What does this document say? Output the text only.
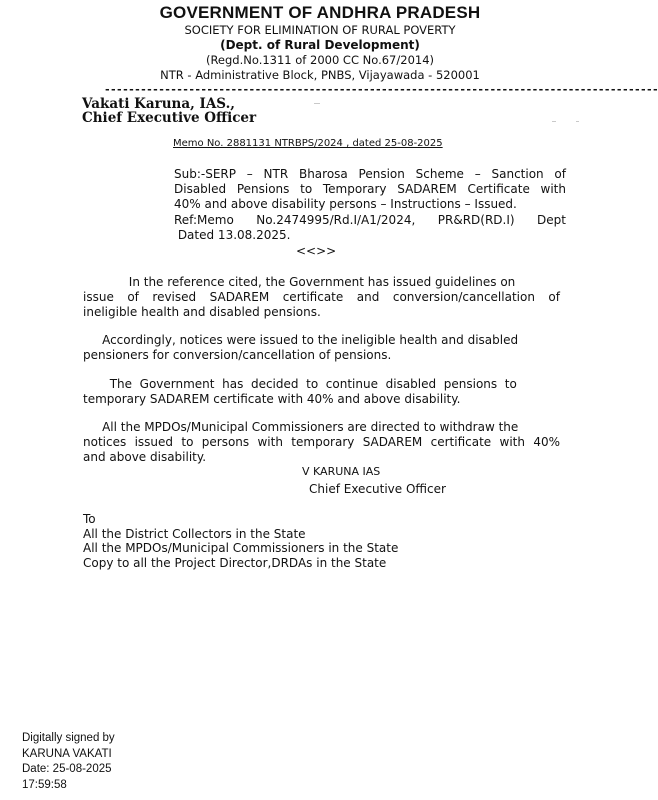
GOVERNMENT OF ANDHRA PRADESH
SOCIETY FOR ELIMINATION OF RURAL POVERTY
(Dept. of Rural Development)
(Regd.No.1311 of 2000 CC No.67/2014)
NTR - Administrative Block, PNBS, Vijayawada - 520001
--------------------------------------------------------------------------------------------
Vakati Karuna, IAS.,
Chief Executive Officer
Memo No. 2881131 NTRBPS/2024 , dated 25-08-2025
Sub:-SERP – NTR Bharosa Pension Scheme – Sanction of
Disabled Pensions to Temporary SADAREM Certificate with
40% and above disability persons – Instructions – Issued.
Ref:Memo No.2474995/Rd.I/A1/2024, PR&RD(RD.I) Dept
Dated 13.08.2025.
<<>>
In the reference cited, the Government has issued guidelines on
issue of revised SADAREM certificate and conversion/cancellation of
ineligible health and disabled pensions.
Accordingly, notices were issued to the ineligible health and disabled
pensioners for conversion/cancellation of pensions.
The  Government  has  decided  to  continue  disabled  pensions  to
temporary SADAREM certificate with 40% and above disability.
All the MPDOs/Municipal Commissioners are directed to withdraw the
notices issued to persons with temporary SADAREM certificate with 40%
and above disability.
V KARUNA IAS
Chief Executive Officer
To
All the District Collectors in the State
All the MPDOs/Municipal Commissioners in the State
Copy to all the Project Director,DRDAs in the State
Digitally signed by
KARUNA VAKATI
Date: 25-08-2025
17:59:58
